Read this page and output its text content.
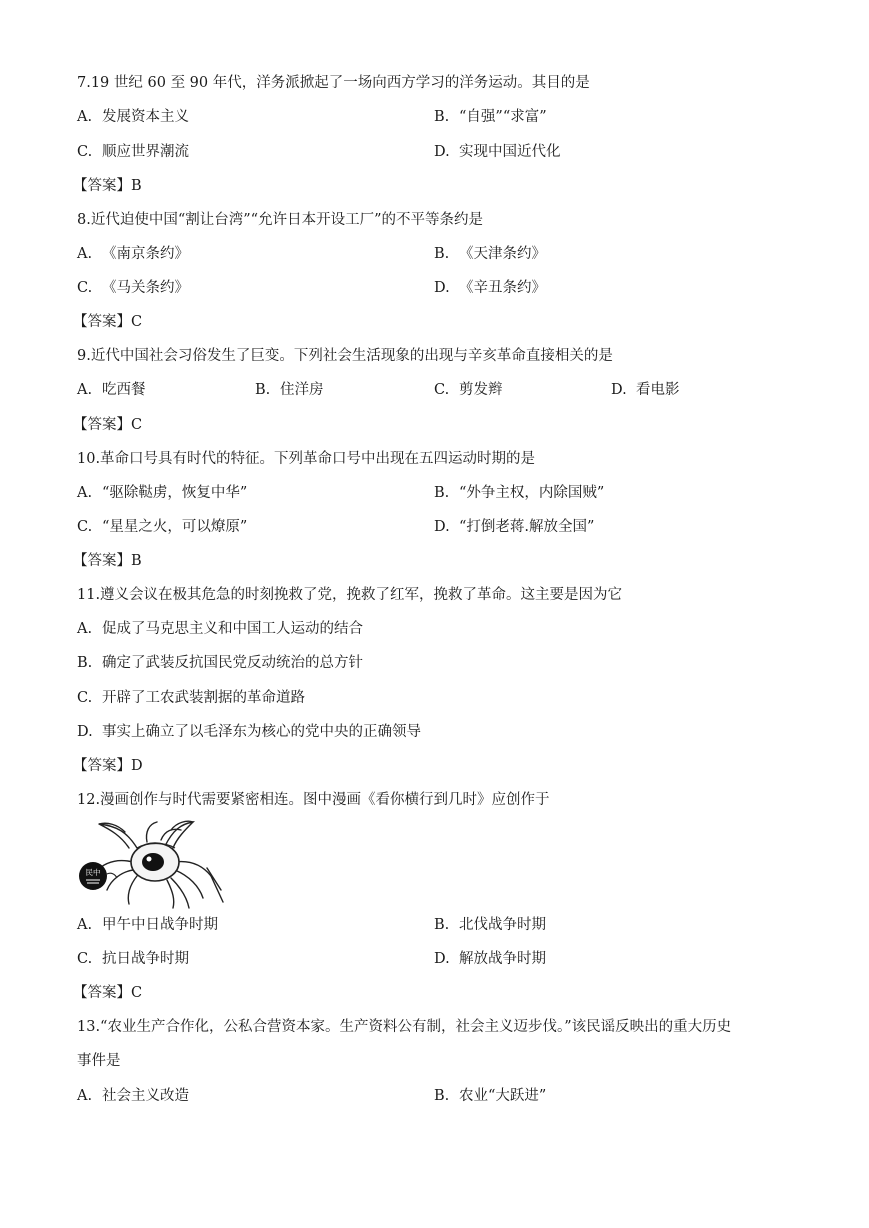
7.19 世纪 60 至 90 年代，洋务派掀起了一场向西方学习的洋务运动。其目的是
A. 发展资本主义	B. “自强”“求富”
C. 顺应世界潮流	D. 实现中国近代化
【答案】B
8.近代迫使中国“割让台湾”“允许日本开设工厂”的不平等条约是
A. 《南京条约》	B. 《天津条约》
C. 《马关条约》	D. 《辛丑条约》
【答案】C
9.近代中国社会习俗发生了巨变。下列社会生活现象的出现与辛亥革命直接相关的是
A. 吃西餐	B. 住洋房	C. 剪发辫	D. 看电影
【答案】C
10.革命口号具有时代的特征。下列革命口号中出现在五四运动时期的是
A. “驱除鞑虏，恢复中华”	B. “外争主权，内除国贼”
C. “星星之火，可以燎原”	D. “打倒老蒋.解放全国”
【答案】B
11.遵义会议在极其危急的时刻挽救了党，挽救了红军，挽救了革命。这主要是因为它
A. 促成了马克思主义和中国工人运动的结合
B. 确定了武装反抗国民党反动统治的总方针
C. 开辟了工农武装割据的革命道路
D. 事实上确立了以毛泽东为核心的党中央的正确领导
【答案】D
12.漫画创作与时代需要紧密相连。图中漫画《看你横行到几时》应创作于
民中
A. 甲午中日战争时期	B. 北伐战争时期
C. 抗日战争时期	D. 解放战争时期
【答案】C
13.“农业生产合作化，公私合营资本家。生产资料公有制，社会主义迈步伐。”该民谣反映出的重大历史
事件是
A. 社会主义改造	B. 农业“大跃进”
